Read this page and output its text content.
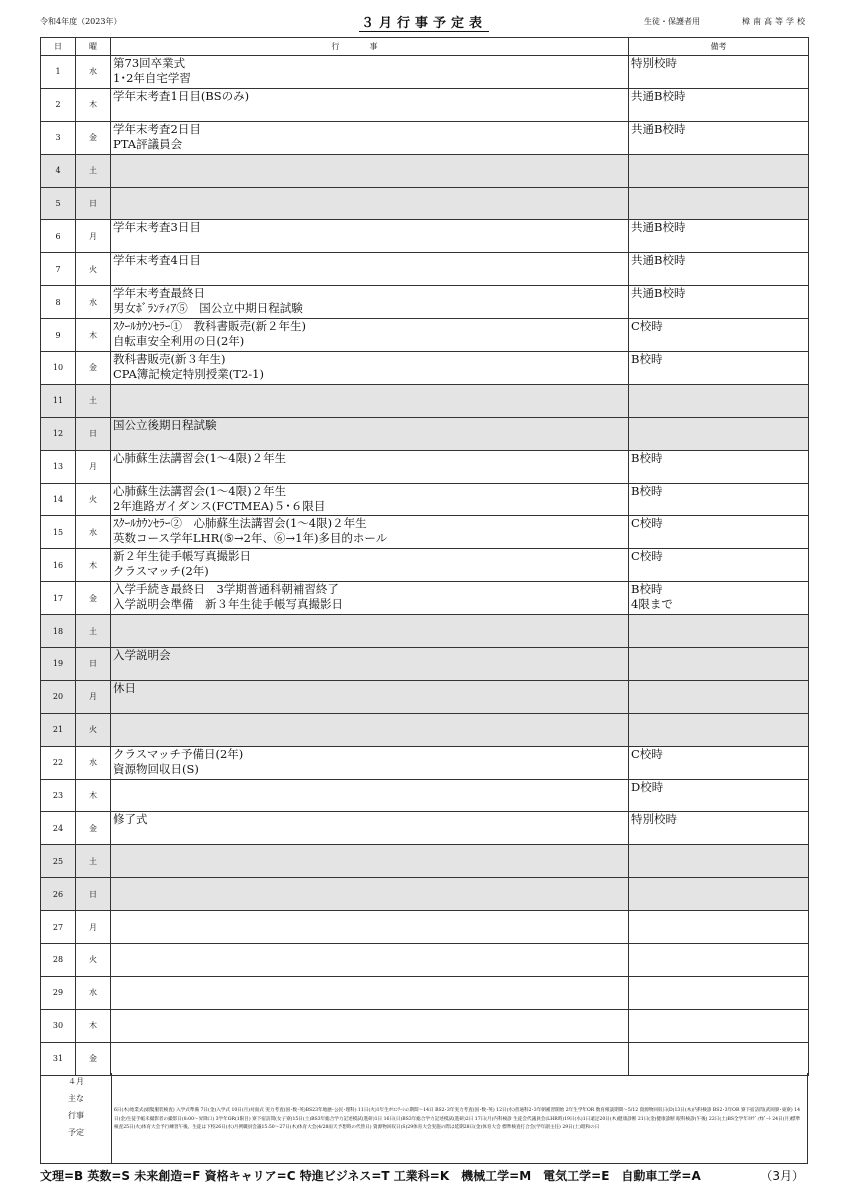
令和4年度（2023年）	３月行事予定表	生徒・保護者用	樟南高等学校
日	曜	行事	備考
1	水	第73回卒業式
1･2年自宅学習	特別校時

2	木	学年末考査1日目(BSのみ)	共通B校時

3	金	学年末考査2日目
PTA評議員会	共通B校時

4	土		
5	日		
6	月	学年末考査3日目	共通B校時

7	火	学年末考査4日目	共通B校時

8	水	学年末考査最終日
男女ﾎﾞﾗﾝﾃｨｱ⑤　国公立中期日程試験	共通B校時

9	木	ｽｸｰﾙｶｳﾝｾﾗｰ①　教科書販売(新２年生)
自転車安全利用の日(2年)	C校時

10	金	教科書販売(新３年生)
CPA簿記検定特別授業(T2-1)	B校時

11	土		
12	日	国公立後期日程試験	

13	月	心肺蘇生法講習会(1～4限)２年生	B校時

14	火	心肺蘇生法講習会(1～4限)２年生
2年進路ガイダンス(FCTMEA)５･６限目	B校時

15	水	ｽｸｰﾙｶｳﾝｾﾗｰ②　心肺蘇生法講習会(1～4限)２年生
英数コース学年LHR(⑤→2年、⑥→1年)多目的ホール	C校時

16	木	新２年生徒手帳写真撮影日
クラスマッチ(2年)	C校時

17	金	入学手続き最終日　3学期普通科朝補習終了
入学説明会準備　新３年生徒手帳写真撮影日	B校時
4限まで

18	土		
19	日	入学説明会	

20	月	休日	

21	火		
22	水	クラスマッチ予備日(2年)
資源物回収日(S)	C校時

23	木		D校時

24	金	修了式	特別校時

25	土		
26	日		
27	月		
28	火		
29	水		
30	木		
31	金		
４月
主な
行事
予定
6日(木)始業式(頭髪服装検査) 入学式準備 7日(金)入学式 10日(月)対面式 実力考査(国･数･英)BS23年地歴･公民･理科) 11日(火)1年生ｵﾘｴﾝﾃｰｼｮﾝ期間～14日 BS2･3年実力考査(国･数･英) 12日(水)普通科2･3年朝補習開始 2年生学年OR 数育相談期間～5/12 資源物回収日(D)13日(木)内科検診 BS2･3年OR 寮下宿訪問(武岡寮･東寮) 14日(金)生徒手帳未撮影者の撮影日(8:00～昇降口) 3学年OR(1限目) 寮下宿訪問(女子寮)15日(土)BS3年総合学力記述模試(進研)1日 16日(日)BS3年総合学力記述模試(進研)2日 17日(月)内科検診 生徒会代議員会(LHR時)19日(水)1日遠足20日(木)健康診断 21日(金)健康診断 眼科検診(午後) 22日(土)BS全学年ｽﾀﾃﾞｨｻﾎﾟｰﾄ 24日(月)標準検査25日(火)体育大会予行練習午後、生徒は下校26日(水)月例職員会議15:50～27日(木)体育大会(4/28雨天予想時の代替日) 資源物回収日(S)29体育大会実施の際は延期28日(金)体育大会 標準検査打合会(学年副主任) 29日(土)昭和の日
文理=B 英数=S 未来創造=F 資格キャリア=C 特進ビジネス=T 工業科=K　機械工学=M　電気工学=E　自動車工学=A	（3月）
